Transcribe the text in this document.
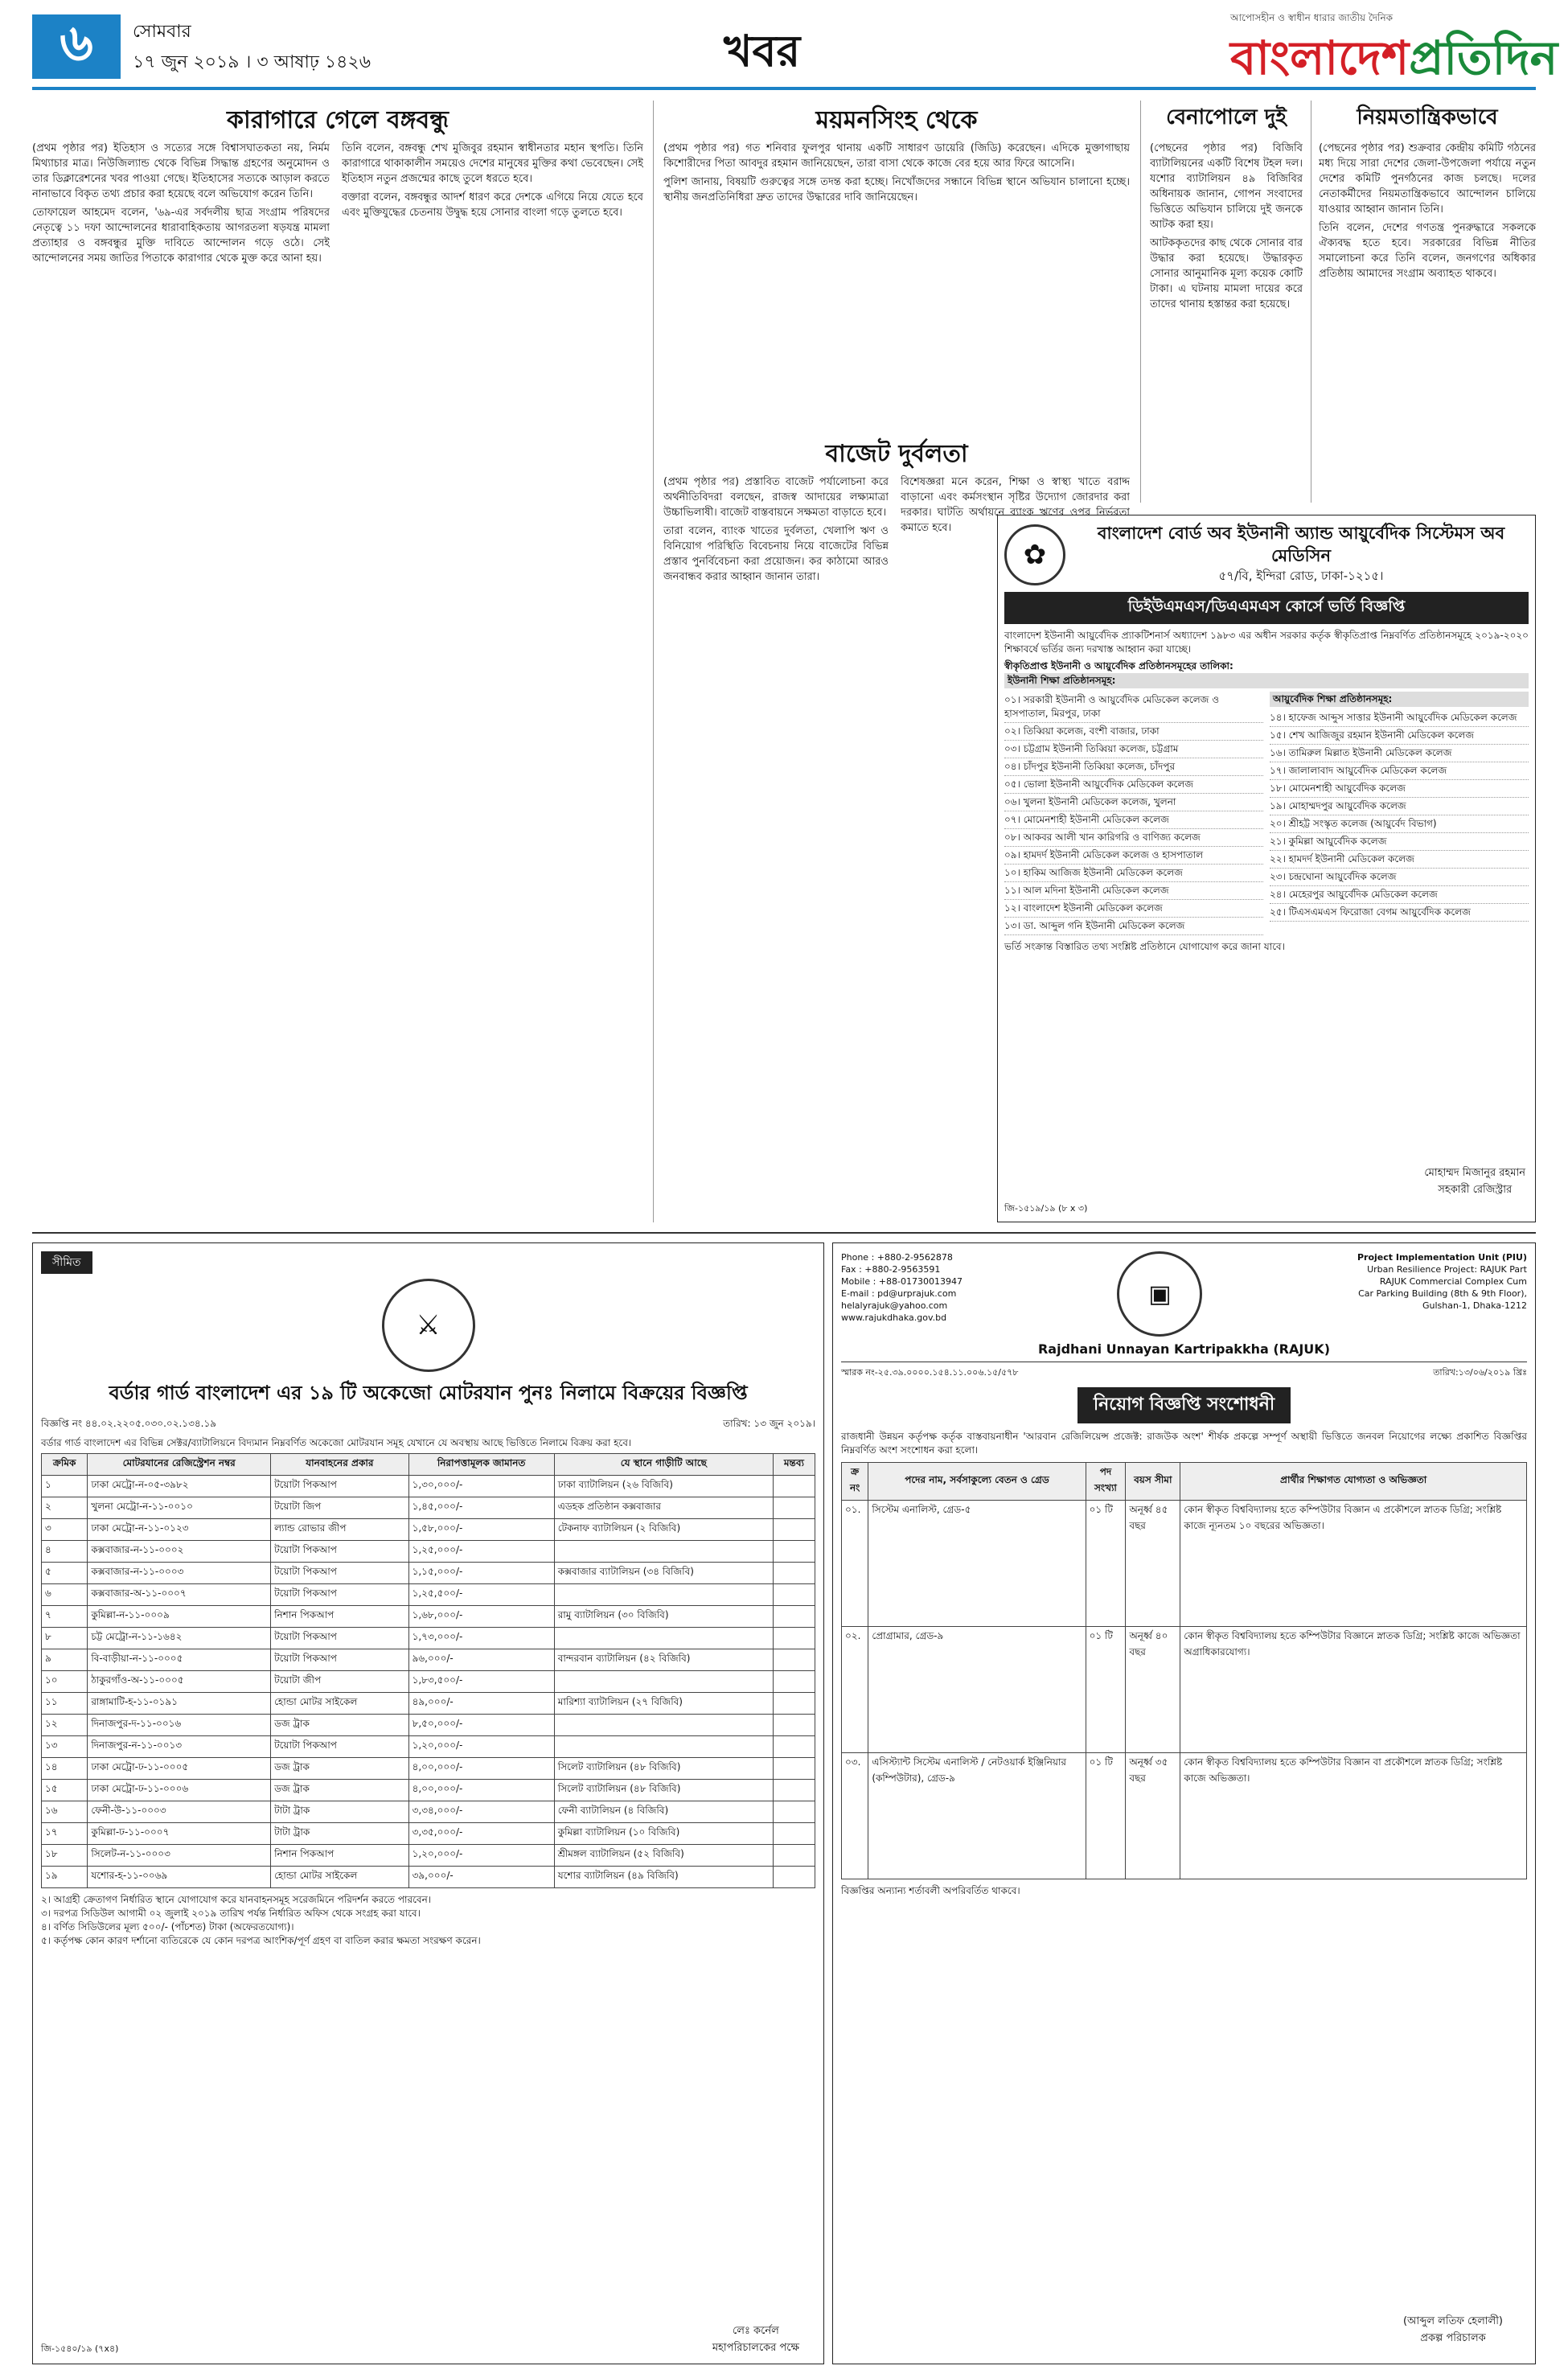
৬	সোমবার
১৭ জুন ২০১৯ । ৩ আষাঢ় ১৪২৬	খবর
আপোসহীন ও স্বাধীন ধারার জাতীয় দৈনিক
বাংলাদেশপ্রতিদিন
কারাগারে গেলে বঙ্গবন্ধু

(প্রথম পৃষ্ঠার পর) ইতিহাস ও সত্যের সঙ্গে বিশ্বাসঘাতকতা নয়, নির্মম মিথ্যাচার মাত্র। নিউজিল্যান্ড থেকে বিভিন্ন সিদ্ধান্ত গ্রহণের অনুমোদন ও তার ডিক্লারেশনের খবর পাওয়া গেছে। ইতিহাসের সত্যকে আড়াল করতে নানাভাবে বিকৃত তথ্য প্রচার করা হয়েছে বলে অভিযোগ করেন তিনি।

তোফায়েল আহমেদ বলেন, '৬৯-এর সর্বদলীয় ছাত্র সংগ্রাম পরিষদের নেতৃত্বে ১১ দফা আন্দোলনের ধারাবাহিকতায় আগরতলা ষড়যন্ত্র মামলা প্রত্যাহার ও বঙ্গবন্ধুর মুক্তি দাবিতে আন্দোলন গড়ে ওঠে। সেই আন্দোলনের সময় জাতির পিতাকে কারাগার থেকে মুক্ত করে আনা হয়।

তিনি বলেন, বঙ্গবন্ধু শেখ মুজিবুর রহমান স্বাধীনতার মহান স্থপতি। তিনি কারাগারে থাকাকালীন সময়েও দেশের মানুষের মুক্তির কথা ভেবেছেন। সেই ইতিহাস নতুন প্রজন্মের কাছে তুলে ধরতে হবে।

বক্তারা বলেন, বঙ্গবন্ধুর আদর্শ ধারণ করে দেশকে এগিয়ে নিয়ে যেতে হবে এবং মুক্তিযুদ্ধের চেতনায় উদ্বুদ্ধ হয়ে সোনার বাংলা গড়ে তুলতে হবে।

ময়মনসিংহ থেকে

(প্রথম পৃষ্ঠার পর) গত শনিবার ফুলপুর থানায় একটি সাধারণ ডায়েরি (জিডি) করেছেন। এদিকে মুক্তাগাছায় কিশোরীদের পিতা আবদুর রহমান জানিয়েছেন, তারা বাসা থেকে কাজে বের হয়ে আর ফিরে আসেনি।

পুলিশ জানায়, বিষয়টি গুরুত্বের সঙ্গে তদন্ত করা হচ্ছে। নিখোঁজদের সন্ধানে বিভিন্ন স্থানে অভিযান চালানো হচ্ছে। স্থানীয় জনপ্রতিনিধিরা দ্রুত তাদের উদ্ধারের দাবি জানিয়েছেন।

বাজেট দুর্বলতা

(প্রথম পৃষ্ঠার পর) প্রস্তাবিত বাজেট পর্যালোচনা করে অর্থনীতিবিদরা বলছেন, রাজস্ব আদায়ের লক্ষ্যমাত্রা উচ্চাভিলাষী। বাজেট বাস্তবায়নে সক্ষমতা বাড়াতে হবে।

তারা বলেন, ব্যাংক খাতের দুর্বলতা, খেলাপি ঋণ ও বিনিয়োগ পরিস্থিতি বিবেচনায় নিয়ে বাজেটের বিভিন্ন প্রস্তাব পুনর্বিবেচনা করা প্রয়োজন। কর কাঠামো আরও জনবান্ধব করার আহ্বান জানান তারা।

বিশেষজ্ঞরা মনে করেন, শিক্ষা ও স্বাস্থ্য খাতে বরাদ্দ বাড়ানো এবং কর্মসংস্থান সৃষ্টির উদ্যোগ জোরদার করা দরকার। ঘাটতি অর্থায়নে ব্যাংক ঋণের ওপর নির্ভরতা কমাতে হবে।

বেনাপোলে দুই

(পেছনের পৃষ্ঠার পর) বিজিবি ব্যাটালিয়নের একটি বিশেষ টহল দল। যশোর ব্যাটালিয়ন ৪৯ বিজিবির অধিনায়ক জানান, গোপন সংবাদের ভিত্তিতে অভিযান চালিয়ে দুই জনকে আটক করা হয়।

আটককৃতদের কাছ থেকে সোনার বার উদ্ধার করা হয়েছে। উদ্ধারকৃত সোনার আনুমানিক মূল্য কয়েক কোটি টাকা। এ ঘটনায় মামলা দায়ের করে তাদের থানায় হস্তান্তর করা হয়েছে।

নিয়মতান্ত্রিকভাবে

(পেছনের পৃষ্ঠার পর) শুক্রবার কেন্দ্রীয় কমিটি গঠনের মধ্য দিয়ে সারা দেশের জেলা-উপজেলা পর্যায়ে নতুন দেশের কমিটি পুনর্গঠনের কাজ চলছে। দলের নেতাকর্মীদের নিয়মতান্ত্রিকভাবে আন্দোলন চালিয়ে যাওয়ার আহ্বান জানান তিনি।

তিনি বলেন, দেশের গণতন্ত্র পুনরুদ্ধারে সকলকে ঐক্যবদ্ধ হতে হবে। সরকারের বিভিন্ন নীতির সমালোচনা করে তিনি বলেন, জনগণের অধিকার প্রতিষ্ঠায় আমাদের সংগ্রাম অব্যাহত থাকবে।

✿
বাংলাদেশ বোর্ড অব ইউনানী অ্যান্ড আয়ুর্বেদিক সিস্টেমস অব মেডিসিন
৫৭/বি, ইন্দিরা রোড, ঢাকা-১২১৫।
ডিইউএমএস/ডিএএমএস কোর্সে ভর্তি বিজ্ঞপ্তি
বাংলাদেশ ইউনানী আয়ুর্বেদিক প্র্যাকটিশনার্স অধ্যাদেশ ১৯৮৩ এর অধীন সরকার কর্তৃক স্বীকৃতিপ্রাপ্ত নিম্নবর্ণিত প্রতিষ্ঠানসমূহে ২০১৯-২০২০ শিক্ষাবর্ষে ভর্তির জন্য দরখাস্ত আহ্বান করা যাচ্ছে।
স্বীকৃতিপ্রাপ্ত ইউনানী ও আয়ুর্বেদিক প্রতিষ্ঠানসমূহের তালিকা:
ইউনানী শিক্ষা প্রতিষ্ঠানসমূহ:
০১। সরকারী ইউনানী ও আয়ুর্বেদিক মেডিকেল কলেজ ও হাসপাতাল, মিরপুর, ঢাকা
০২। তিব্বিয়া কলেজ, বংশী বাজার, ঢাকা
০৩। চট্টগ্রাম ইউনানী তিব্বিয়া কলেজ, চট্টগ্রাম
০৪। চাঁদপুর ইউনানী তিব্বিয়া কলেজ, চাঁদপুর
০৫। ভোলা ইউনানী আয়ুর্বেদিক মেডিকেল কলেজ
০৬। খুলনা ইউনানী মেডিকেল কলেজ, খুলনা
০৭। মোমেনশাহী ইউনানী মেডিকেল কলেজ
০৮। আকবর আলী খান কারিগরি ও বাণিজ্য কলেজ
০৯। হামদর্দ ইউনানী মেডিকেল কলেজ ও হাসপাতাল
১০। হাকিম আজিজ ইউনানী মেডিকেল কলেজ
১১। আল মদিনা ইউনানী মেডিকেল কলেজ
১২। বাংলাদেশ ইউনানী মেডিকেল কলেজ
১৩। ডা. আব্দুল গনি ইউনানী মেডিকেল কলেজ
আয়ুর্বেদিক শিক্ষা প্রতিষ্ঠানসমূহ:
১৪। হাফেজ আব্দুস সাত্তার ইউনানী আয়ুর্বেদিক মেডিকেল কলেজ
১৫। শেখ আজিজুর রহমান ইউনানী মেডিকেল কলেজ
১৬। তামিরুল মিল্লাত ইউনানী মেডিকেল কলেজ
১৭। জালালাবাদ আয়ুর্বেদিক মেডিকেল কলেজ
১৮। মোমেনশাহী আয়ুর্বেদিক কলেজ
১৯। মোহাম্মদপুর আয়ুর্বেদিক কলেজ
২০। শ্রীহট্ট সংস্কৃত কলেজ (আয়ুর্বেদ বিভাগ)
২১। কুমিল্লা আয়ুর্বেদিক কলেজ
২২। হামদর্দ ইউনানী মেডিকেল কলেজ
২৩। চন্দ্রঘোনা আয়ুর্বেদিক কলেজ
২৪। মেহেরপুর আয়ুর্বেদিক মেডিকেল কলেজ
২৫। টিএসএমএস ফিরোজা বেগম আয়ুর্বেদিক কলেজ
ভর্তি সংক্রান্ত বিস্তারিত তথ্য সংশ্লিষ্ট প্রতিষ্ঠানে যোগাযোগ করে জানা যাবে।
মোহাম্মদ মিজানুর রহমান
সহকারী রেজিস্ট্রার
জি-১৫১৯/১৯ (৮ x ৩)
সীমিত
⚔
বর্ডার গার্ড বাংলাদেশ এর ১৯ টি অকেজো মোটরযান পুনঃ নিলামে বিক্রয়ের বিজ্ঞপ্তি
বিজ্ঞপ্তি নং ৪৪.০২.২২০৫.০৩০.০২.১৩৪.১৯	তারিখ: ১৩ জুন ২০১৯।
বর্ডার গার্ড বাংলাদেশ এর বিভিন্ন সেক্টর/ব্যাটালিয়নে বিদ্যমান নিম্নবর্ণিত অকেজো মোটরযান সমূহ যেখানে যে অবস্থায় আছে ভিত্তিতে নিলামে বিক্রয় করা হবে।
ক্রমিক	মোটরযানের রেজিস্ট্রেশন নম্বর	যানবাহনের প্রকার	নিরাপত্তামূলক জামানত	যে স্থানে গাড়ীটি আছে	মন্তব্য
১	ঢাকা মেট্রো-ন-০৫-৩৯৮২	টয়োটা পিকআপ	১,৩০,০০০/-	ঢাকা ব্যাটালিয়ন (২৬ বিজিবি)	
২	খুলনা মেট্রো-ন-১১-০০১০	টয়োটা জিপ	১,৪৫,০০০/-	এডহক প্রতিষ্ঠান কক্সবাজার	
৩	ঢাকা মেট্রো-ন-১১-০১২৩	ল্যান্ড রোভার জীপ	১,৫৮,০০০/-	টেকনাফ ব্যাটালিয়ন (২ বিজিবি)	
৪	কক্সবাজার-ন-১১-০০০২	টয়োটা পিকআপ	১,২৫,০০০/-		
৫	কক্সবাজার-ন-১১-০০০৩	টয়োটা পিকআপ	১,১৫,০০০/-	কক্সবাজার ব্যাটালিয়ন (৩৪ বিজিবি)	
৬	কক্সবাজার-অ-১১-০০০৭	টয়োটা পিকআপ	১,২৫,৫০০/-		
৭	কুমিল্লা-ন-১১-০০০৯	নিশান পিকআপ	১,৬৮,০০০/-	রামু ব্যাটালিয়ন (৩০ বিজিবি)	
৮	চট্ট মেট্রো-ন-১১-১৬৪২	টয়োটা পিকআপ	১,৭৩,০০০/-		
৯	বি-বাড়ীয়া-ন-১১-০০০৫	টয়োটা পিকআপ	৯৬,০০০/-	বান্দরবান ব্যাটালিয়ন (৪২ বিজিবি)	
১০	ঠাকুরগাঁও-অ-১১-০০০৫	টয়োটা জীপ	১,৮৩,৫০০/-		
১১	রাঙ্গামাটি-হ-১১-০১৯১	হোন্ডা মোটর সাইকেল	৪৯,০০০/-	মারিশ্যা ব্যাটালিয়ন (২৭ বিজিবি)	
১২	দিনাজপুর-দ-১১-০০১৬	ডজ ট্রাক	৮,৫০,০০০/-		
১৩	দিনাজপুর-ন-১১-০০১৩	টয়োটা পিকআপ	১,২০,০০০/-		
১৪	ঢাকা মেট্রো-ঢ-১১-০০০৫	ডজ ট্রাক	৪,০০,০০০/-	সিলেট ব্যাটালিয়ন (৪৮ বিজিবি)	
১৫	ঢাকা মেট্রো-ঢ-১১-০০০৬	ডজ ট্রাক	৪,০০,০০০/-	সিলেট ব্যাটালিয়ন (৪৮ বিজিবি)	
১৬	ফেনী-উ-১১-০০০৩	টাটা ট্রাক	৩,৩৪,০০০/-	ফেনী ব্যাটালিয়ন (৪ বিজিবি)	
১৭	কুমিল্লা-ঢ-১১-০০০৭	টাটা ট্রাক	৩,৩৫,০০০/-	কুমিল্লা ব্যাটালিয়ন (১০ বিজিবি)	
১৮	সিলেট-ন-১১-০০০৩	নিশান পিকআপ	১,২০,০০০/-	শ্রীমঙ্গল ব্যাটালিয়ন (৫২ বিজিবি)	
১৯	যশোর-হ-১১-০০৬৯	হোন্ডা মোটর সাইকেল	৩৯,০০০/-	যশোর ব্যাটালিয়ন (৪৯ বিজিবি)	
২। আগ্রহী ক্রেতাগণ নির্ধারিত স্থানে যোগাযোগ করে যানবাহনসমূহ সরেজমিনে পরিদর্শন করতে পারবেন।
৩। দরপত্র সিডিউল আগামী ০২ জুলাই ২০১৯ তারিখ পর্যন্ত নির্ধারিত অফিস থেকে সংগ্রহ করা যাবে।
৪। বর্ণিত সিডিউলের মূল্য ৫০০/- (পাঁচশত) টাকা (অফেরতযোগ্য)।
৫। কর্তৃপক্ষ কোন কারণ দর্শানো ব্যতিরেকে যে কোন দরপত্র আংশিক/পূর্ণ গ্রহণ বা বাতিল করার ক্ষমতা সংরক্ষণ করেন।
জি-১৫৪০/১৯ (৭x৪)
লেঃ কর্নেল
মহাপরিচালকের পক্ষে
Phone : +880-2-9562878
Fax : +880-2-9563591
Mobile : +88-01730013947
E-mail : pd@urprajuk.com
helalyrajuk@yahoo.com
www.rajukdhaka.gov.bd
▣
Project Implementation Unit (PIU)
Urban Resilience Project: RAJUK Part
RAJUK Commercial Complex Cum
Car Parking Building (8th & 9th Floor),
Gulshan-1, Dhaka-1212
Rajdhani Unnayan Kartripakkha (RAJUK)
স্মারক নং-২৫.৩৯.০০০০.১৫৪.১১.০০৬.১৫/৫৭৮	তারিখ:১৩/০৬/২০১৯ খ্রিঃ
নিয়োগ বিজ্ঞপ্তি সংশোধনী
রাজধানী উন্নয়ন কর্তৃপক্ষ কর্তৃক বাস্তবায়নাধীন 'আরবান রেজিলিয়েন্স প্রজেক্ট: রাজউক অংশ' শীর্ষক প্রকল্পে সম্পূর্ণ অস্থায়ী ভিত্তিতে জনবল নিয়োগের লক্ষ্যে প্রকাশিত বিজ্ঞপ্তির নিম্নবর্ণিত অংশ সংশোধন করা হলো।
ক্র নং	পদের নাম, সর্বসাকুল্যে বেতন ও গ্রেড	পদ সংখ্যা	বয়স সীমা	প্রার্থীর শিক্ষাগত যোগ্যতা ও অভিজ্ঞতা
০১.	সিস্টেম এনালিস্ট, গ্রেড-৫	০১ টি	অনূর্ধ্ব ৪৫ বছর	কোন স্বীকৃত বিশ্ববিদ্যালয় হতে কম্পিউটার বিজ্ঞান এ প্রকৌশলে স্নাতক ডিগ্রি; সংশ্লিষ্ট কাজে ন্যূনতম ১০ বছরের অভিজ্ঞতা।
০২.	প্রোগ্রামার, গ্রেড-৯	০১ টি	অনূর্ধ্ব ৪০ বছর	কোন স্বীকৃত বিশ্ববিদ্যালয় হতে কম্পিউটার বিজ্ঞানে স্নাতক ডিগ্রি; সংশ্লিষ্ট কাজে অভিজ্ঞতা অগ্রাধিকারযোগ্য।
০৩.	এসিস্ট্যান্ট সিস্টেম এনালিস্ট / নেটওয়ার্ক ইঞ্জিনিয়ার (কম্পিউটার), গ্রেড-৯	০১ টি	অনূর্ধ্ব ৩৫ বছর	কোন স্বীকৃত বিশ্ববিদ্যালয় হতে কম্পিউটার বিজ্ঞান বা প্রকৌশলে স্নাতক ডিগ্রি; সংশ্লিষ্ট কাজে অভিজ্ঞতা।
বিজ্ঞপ্তির অন্যান্য শর্তাবলী অপরিবর্তিত থাকবে।
(আব্দুল লতিফ হেলালী)
প্রকল্প পরিচালক
